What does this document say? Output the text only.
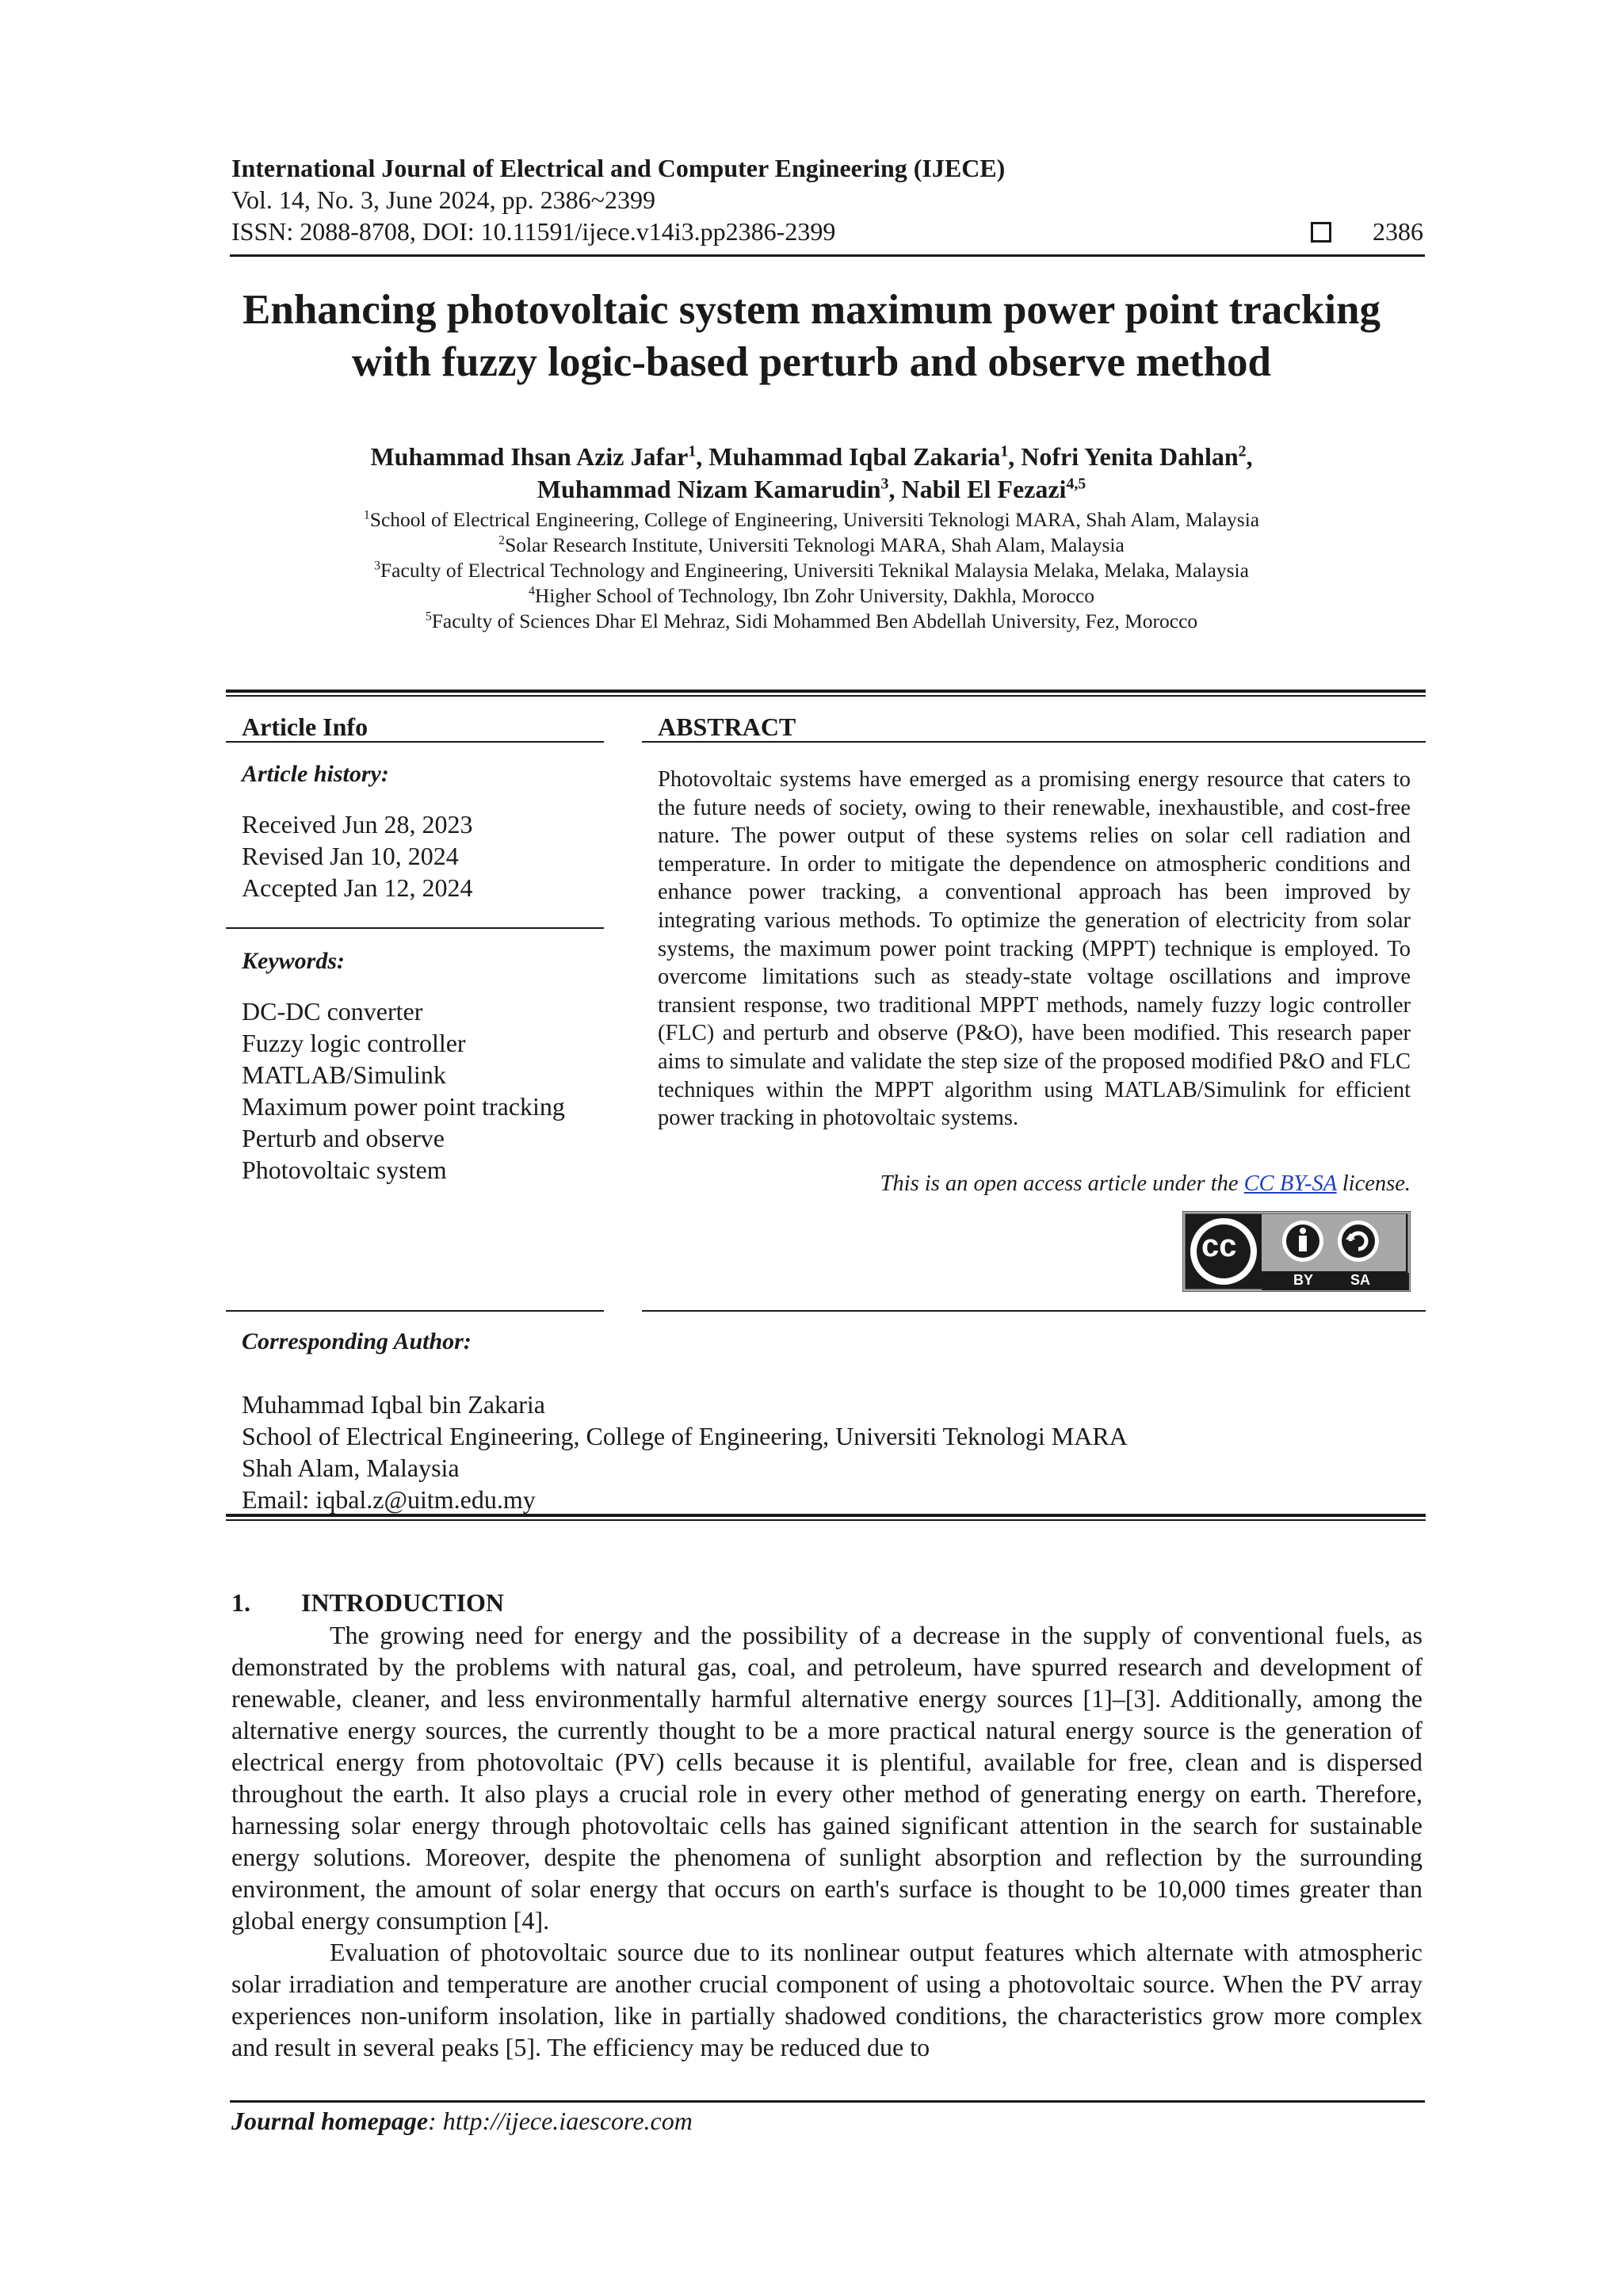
International Journal of Electrical and Computer Engineering (IJECE)
Vol. 14, No. 3, June 2024, pp. 2386~2399
ISSN: 2088-8708, DOI: 10.11591/ijece.v14i3.pp2386-2399	2386
Enhancing photovoltaic system maximum power point tracking
with fuzzy logic-based perturb and observe method
Muhammad Ihsan Aziz Jafar$^1$, Muhammad Iqbal Zakaria$^1$, Nofri Yenita Dahlan$^2$,
Muhammad Nizam Kamarudin$^3$, Nabil El Fezazi$^{4,5}$
$^1$School of Electrical Engineering, College of Engineering, Universiti Teknologi MARA, Shah Alam, Malaysia
$^2$Solar Research Institute, Universiti Teknologi MARA, Shah Alam, Malaysia
$^3$Faculty of Electrical Technology and Engineering, Universiti Teknikal Malaysia Melaka, Melaka, Malaysia
$^4$Higher School of Technology, Ibn Zohr University, Dakhla, Morocco
$^5$Faculty of Sciences Dhar El Mehraz, Sidi Mohammed Ben Abdellah University, Fez, Morocco
Article Info
Article history:
Received Jun 28, 2023
Revised Jan 10, 2024
Accepted Jan 12, 2024
Keywords:
DC-DC converter
Fuzzy logic controller
MATLAB/Simulink
Maximum power point tracking
Perturb and observe
Photovoltaic system
ABSTRACT
Photovoltaic systems have emerged as a promising energy resource that caters to the future needs of society, owing to their renewable, inexhaustible, and cost-free nature. The power output of these systems relies on solar cell radiation and temperature. In order to mitigate the dependence on atmospheric conditions and enhance power tracking, a conventional approach has been improved by integrating various methods. To optimize the generation of electricity from solar systems, the maximum power point tracking (MPPT) technique is employed. To overcome limitations such as steady-state voltage oscillations and improve transient response, two traditional MPPT methods, namely fuzzy logic controller (FLC) and perturb and observe (P&O), have been modified. This research paper aims to simulate and validate the step size of the proposed modified P&O and FLC techniques within the MPPT algorithm using MATLAB/Simulink for efficient power tracking in photovoltaic systems.
This is an open access article under the CC BY-SA license.
cc
BY	SA
Corresponding Author:
Muhammad Iqbal bin Zakaria
School of Electrical Engineering, College of Engineering, Universiti Teknologi MARA
Shah Alam, Malaysia
Email: iqbal.z@uitm.edu.my
1.  INTRODUCTION

The growing need for energy and the possibility of a decrease in the supply of conventional fuels, as demonstrated by the problems with natural gas, coal, and petroleum, have spurred research and development of renewable, cleaner, and less environmentally harmful alternative energy sources [1]–[3]. Additionally, among the alternative energy sources, the currently thought to be a more practical natural energy source is the generation of electrical energy from photovoltaic (PV) cells because it is plentiful, available for free, clean and is dispersed throughout the earth. It also plays a crucial role in every other method of generating energy on earth. Therefore, harnessing solar energy through photovoltaic cells has gained significant attention in the search for sustainable energy solutions. Moreover, despite the phenomena of sunlight absorption and reflection by the surrounding environment, the amount of solar energy that occurs on earth's surface is thought to be 10,000 times greater than global energy consumption [4].

Evaluation of photovoltaic source due to its nonlinear output features which alternate with atmospheric solar irradiation and temperature are another crucial component of using a photovoltaic source. When the PV array experiences non-uniform insolation, like in partially shadowed conditions, the characteristics grow more complex and result in several peaks [5]. The efficiency may be reduced due to

Journal homepage: http://ijece.iaescore.com
